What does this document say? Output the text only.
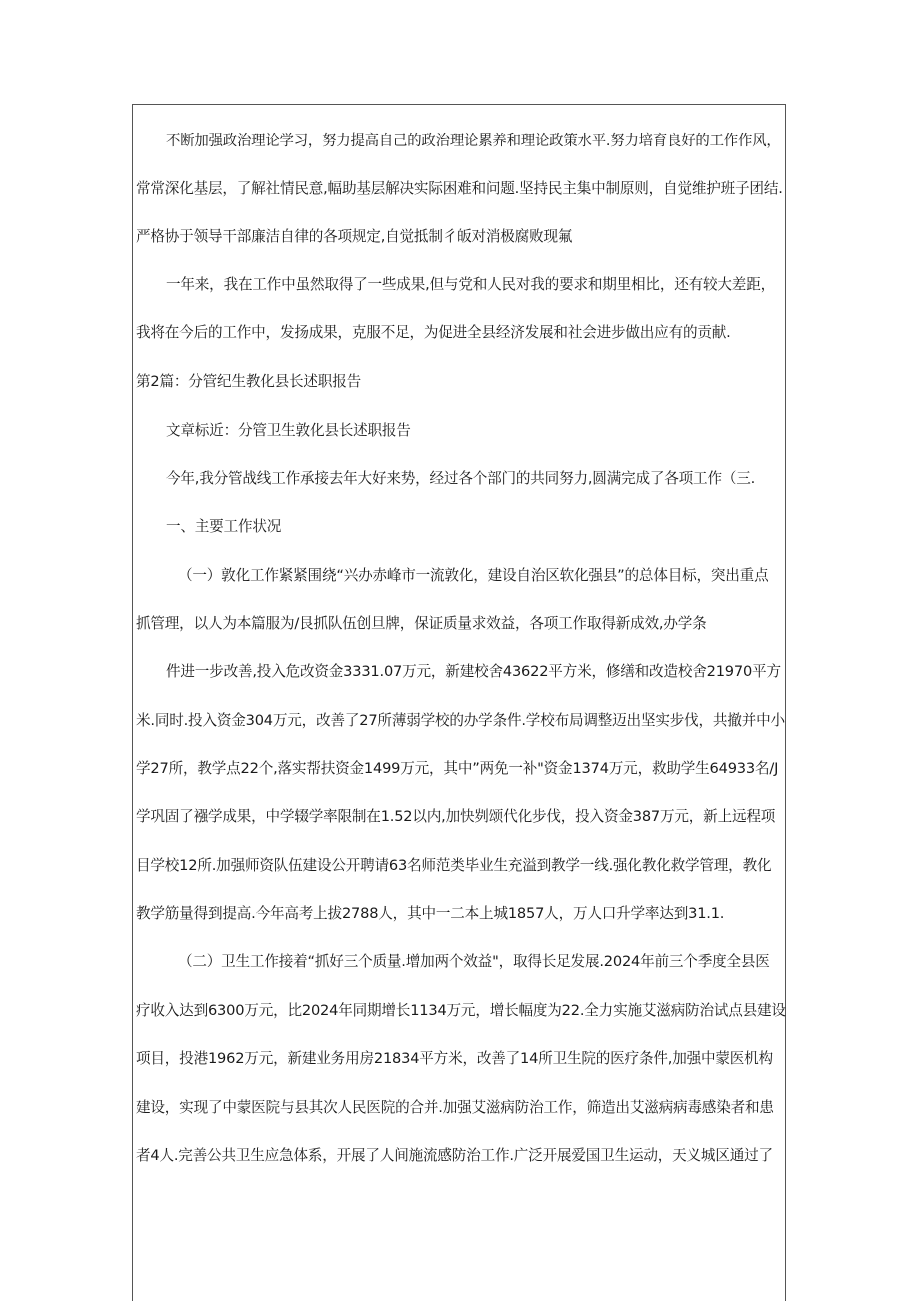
不断加强政治理论学习，努力提高自己的政治理论累养和理论政策水平.努力培育良好的工作作风，
常常深化基层，了解社情民意,幅助基层解决实际困难和问题.坚持民主集中制原则，自觉维护班子团结.
严格协于领导干部廉洁自律的各项规定,自觉抵制彳皈对消极腐败现氟
一年来，我在工作中虽然取得了一些成果,但与党和人民对我的要求和期里相比，还有较大差距，
我将在今后的工作中，发扬成果，克服不足，为促进全县经济发展和社会进步做出应有的贡献.
第2篇：分管纪生教化县长述职报告
文章标近：分管卫生敦化县长述职报告
今年,我分管战线工作承接去年大好来势，经过各个部门的共同努力,圆满完成了各项工作（三.
一、主要工作状况
（一）敦化工作紧紧围绕“兴办赤峰市一流敦化，建设自治区软化强县”的总体目标，突出重点
抓管理，以人为本篇服为/艮抓队伍创旦牌，保证质量求效益，各项工作取得新成效,办学条
件进一步改善,投入危改资金3331.07万元，新建校舍43622平方米，修缮和改造校舍21970平方
米.同时.投入资金304万元，改善了27所薄弱学校的办学条件.学校布局调整迈出坚实步伐，共撤并中小
学27所，教学点22个,落实帮扶资金1499万元，其中”两免一补"资金1374万元，救助学生64933名/J
学巩固了襁学成果，中学辍学率限制在1.52以内,加快刿颂代化步伐，投入资金387万元，新上远程项
目学校12所.加强师资队伍建设公开聘请63名师范类毕业生充溢到教学一线.强化教化救学管理，教化
教学筋量得到提高.今年高考上拔2788人，其中一二本上城1857人，万人口升学率达到31.1.
（二）卫生工作接着“抓好三个质量.增加两个效益"，取得长足发展.2024年前三个季度全县医
疗收入达到6300万元，比2024年同期增长1134万元，增长幅度为22.全力实施艾滋病防治试点县建设
项目，投港1962万元，新建业务用房21834平方米，改善了14所卫生院的医疗条件,加强中蒙医机构
建设，实现了中蒙医院与县其次人民医院的合并.加强艾滋病防治工作，筛造出艾滋病病毒感染者和患
者4人.完善公共卫生应急体系，开展了人间施流感防治工作.广泛开展爱国卫生运动，天义城区通过了
